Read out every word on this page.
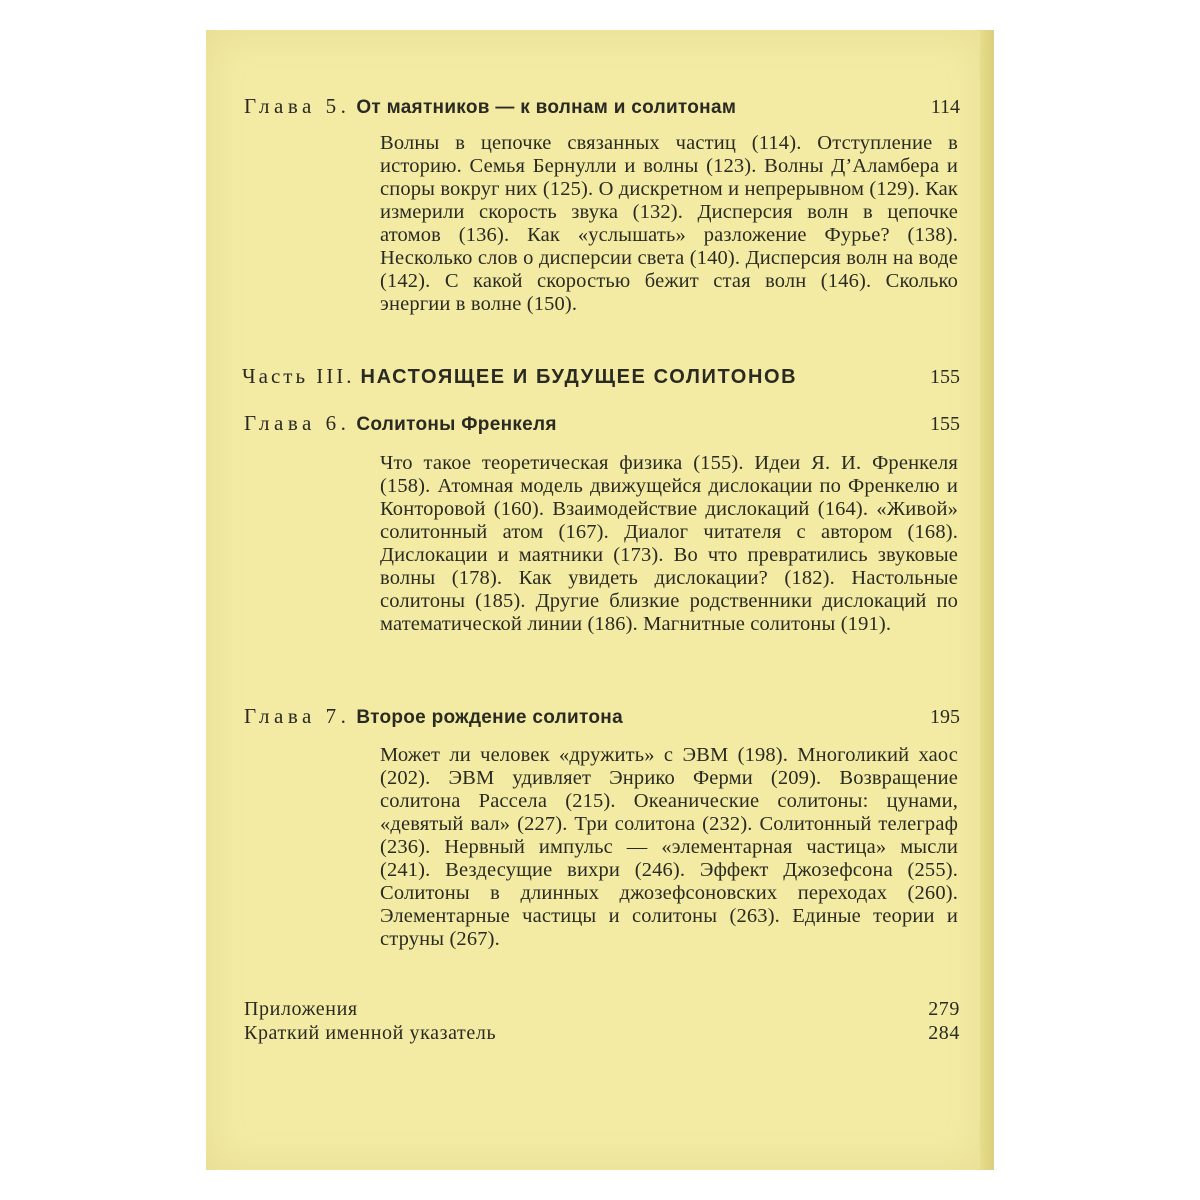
Глава 5. От маятников — к волнам и солитонам	114

Волны в цепочке связанных частиц (114). Отступление в историю. Семья Бернулли и волны (123). Волны Д’Аламбера и споры вокруг них (125). О дискретном и непрерывном (129). Как измерили скорость звука (132). Дисперсия волн в цепочке атомов (136). Как «услышать» разложение Фурье? (138). Несколько слов о дисперсии света (140). Дисперсия волн на воде (142). С какой скоростью бежит стая волн (146). Сколько энергии в волне (150).

Часть III. НАСТОЯЩЕЕ И БУДУЩЕЕ СОЛИТОНОВ	155
Глава 6. Солитоны Френкеля	155

Что такое теоретическая физика (155). Идеи Я. И. Френкеля (158). Атомная модель движущейся дислокации по Френкелю и Конторовой (160). Взаимодействие дислокаций (164). «Живой» солитонный атом (167). Диалог читателя с автором (168). Дислокации и маятники (173). Во что превратились звуковые волны (178). Как увидеть дислокации? (182). Настольные солитоны (185). Другие близкие родственники дислокаций по математической линии (186). Магнитные солитоны (191).

Глава 7. Второе рождение солитона	195

Может ли человек «дружить» с ЭВМ (198). Многоликий хаос (202). ЭВМ удивляет Энрико Ферми (209). Возвращение солитона Рассела (215). Океанические солитоны: цунами, «девятый вал» (227). Три солитона (232). Солитонный телеграф (236). Нервный импульс — «элементарная частица» мысли (241). Вездесущие вихри (246). Эффект Джозефсона (255). Солитоны в длинных джозефсоновских переходах (260). Элементарные частицы и солитоны (263). Единые теории и струны (267).

Приложения	279
Краткий именной указатель	284
